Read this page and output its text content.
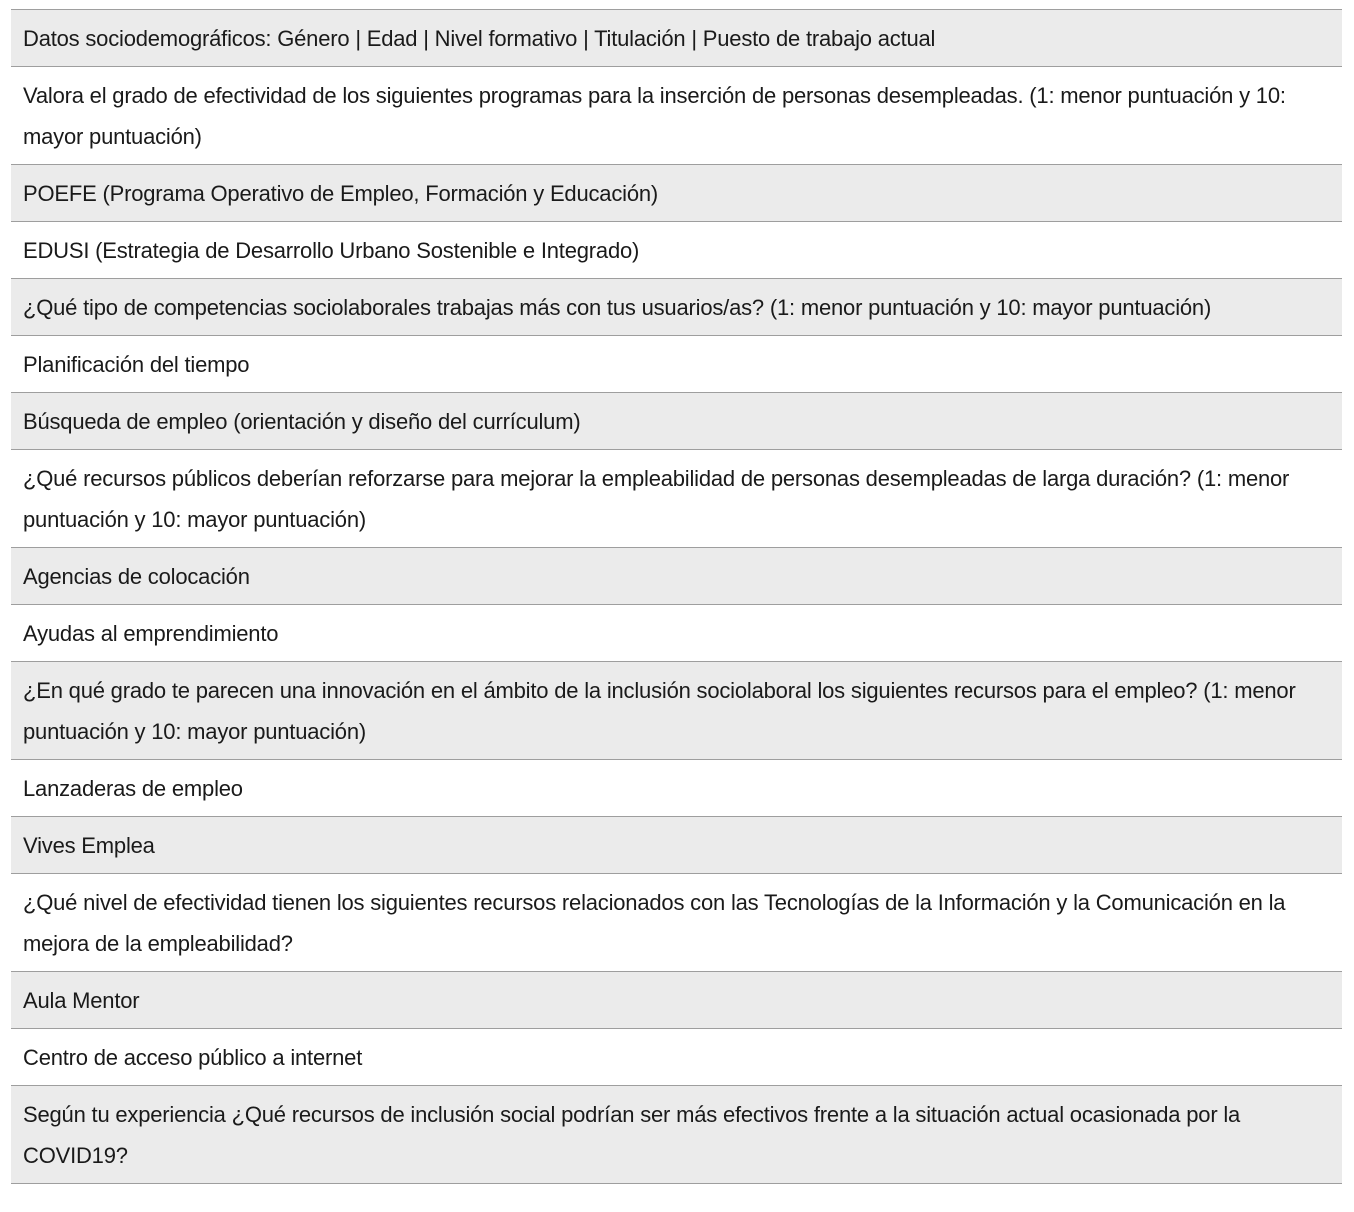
Datos sociodemográficos: Género | Edad | Nivel formativo | Titulación | Puesto de trabajo actual
Valora el grado de efectividad de los siguientes programas para la inserción de personas desempleadas. (1: menor puntuación y 10: mayor puntuación)
POEFE (Programa Operativo de Empleo, Formación y Educación)
EDUSI (Estrategia de Desarrollo Urbano Sostenible e Integrado)
¿Qué tipo de competencias sociolaborales trabajas más con tus usuarios/as? (1: menor puntuación y 10: mayor puntuación)
Planificación del tiempo
Búsqueda de empleo (orientación y diseño del currículum)
¿Qué recursos públicos deberían reforzarse para mejorar la empleabilidad de personas desempleadas de larga duración? (1: menor puntuación y 10: mayor puntuación)
Agencias de colocación
Ayudas al emprendimiento
¿En qué grado te parecen una innovación en el ámbito de la inclusión sociolaboral los siguientes recursos para el empleo? (1: menor puntuación y 10: mayor puntuación)
Lanzaderas de empleo
Vives Emplea
¿Qué nivel de efectividad tienen los siguientes recursos relacionados con las Tecnologías de la Información y la Comunicación en la mejora de la empleabilidad?
Aula Mentor
Centro de acceso público a internet
Según tu experiencia ¿Qué recursos de inclusión social podrían ser más efectivos frente a la situación actual ocasionada por la COVID19?
